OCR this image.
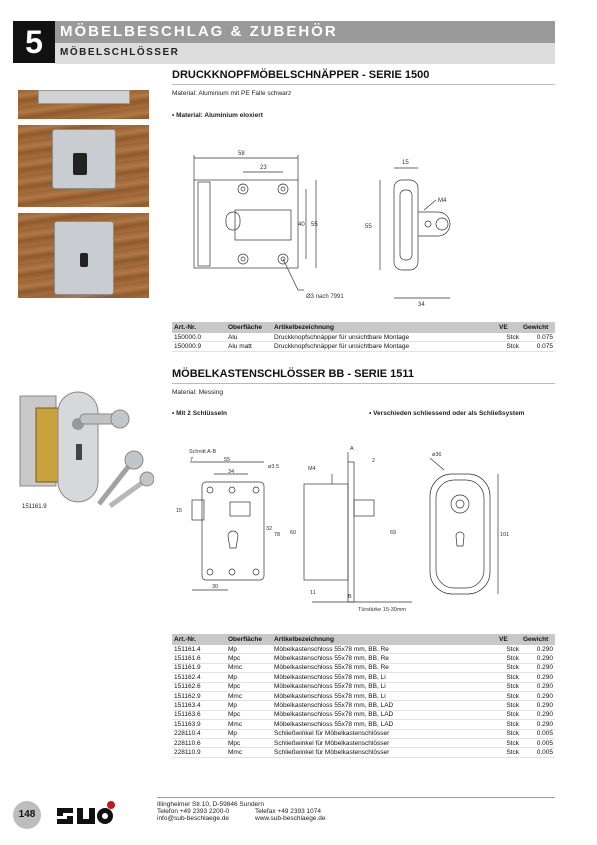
5	MÖBELBESCHLAG & ZUBEHÖR
MÖBELSCHLÖSSER
DRUCKKNOPFMÖBELSCHNÄPPER - SERIE 1500
Material: Aluminium mit PE Falle schwarz
• Material: Aluminium eloxiert
58
23
40 55
Ø3 nach 7991
15
55
34
M4
Art.-Nr.	Oberfläche	Artikelbezeichnung	VE	Gewicht
150000.0	Alu	Druckknopfschnäpper für unsichtbare Montage	Stck	0.075
150000.9	Alu matt	Druckknopfschnäpper für unsichtbare Montage	Stck	0.075
MÖBELKASTENSCHLÖSSER BB - SERIE 1511
Material: Messing
• Mit 2 Schlüsseln	• Verschieden schliessend oder als Schließsystem
151161.9
Schnitt A-B
7	55
34
ø3.5
15
32
78
30
M4
A
2
60	69
11
B
Türstärke 15-30mm
ø36
101
Art.-Nr.	Oberfläche	Artikelbezeichnung	VE	Gewicht
151161.4	Mp	Möbelkastenschloss 55x78 mm, BB, Re	Stck	0.290
151161.6	Mpc	Möbelkastenschloss 55x78 mm, BB, Re	Stck	0.290
151161.9	Mmc	Möbelkastenschloss 55x78 mm, BB, Re	Stck	0.290
151162.4	Mp	Möbelkastenschloss 55x78 mm, BB, Li	Stck	0.290
151162.6	Mpc	Möbelkastenschloss 55x78 mm, BB, Li	Stck	0.290
151162.9	Mmc	Möbelkastenschloss 55x78 mm, BB, Li	Stck	0.290
151163.4	Mp	Möbelkastenschloss 55x78 mm, BB, LAD	Stck	0.290
151163.6	Mpc	Möbelkastenschloss 55x78 mm, BB, LAD	Stck	0.290
151163.9	Mmc	Möbelkastenschloss 55x78 mm, BB, LAD	Stck	0.290
228110.4	Mp	Schließwinkel für Möbelkastenschlösser	Stck	0.005
228110.6	Mpc	Schließwinkel für Möbelkastenschlösser	Stck	0.005
228110.9	Mmc	Schließwinkel für Möbelkastenschlösser	Stck	0.005
148
Illingheimer Str.10, D-59846 Sundern
Telefon +49 2393 2200-0	Telefax +49 2393 1074
info@sub-beschlaege.de	www.sub-beschlaege.de
